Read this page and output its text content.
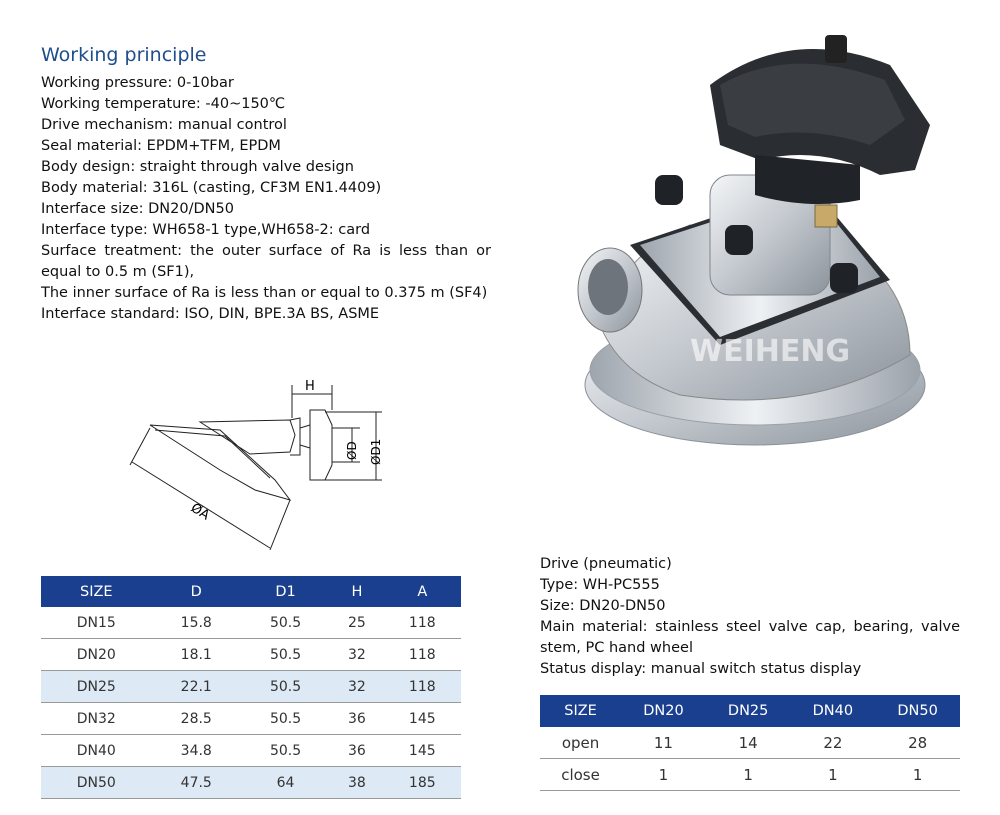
Working principle
Working pressure: 0-10bar
Working temperature: -40~150℃
Drive mechanism: manual control
Seal material: EPDM+TFM, EPDM
Body design: straight through valve design
Body material: 316L (casting, CF3M EN1.4409)
Interface size: DN20/DN50
Interface type: WH658-1 type,WH658-2: card
Surface treatment: the outer surface of Ra is less than or equal to 0.5 m (SF1),
The inner surface of Ra is less than or equal to 0.375 m (SF4)
Interface standard: ISO, DIN, BPE.3A BS, ASME
WEIHENG
H
ØD ØD1
ØA
SIZE	D	D1	H	A
DN15	15.8	50.5	25	118
DN20	18.1	50.5	32	118
DN25	22.1	50.5	32	118
DN32	28.5	50.5	36	145
DN40	34.8	50.5	36	145
DN50	47.5	64	38	185
Drive (pneumatic)
Type: WH-PC555
Size: DN20-DN50
Main material: stainless steel valve cap, bearing, valve stem, PC hand wheel
Status display: manual switch status display
SIZE	DN20	DN25	DN40	DN50
open	11	14	22	28
close	1	1	1	1
